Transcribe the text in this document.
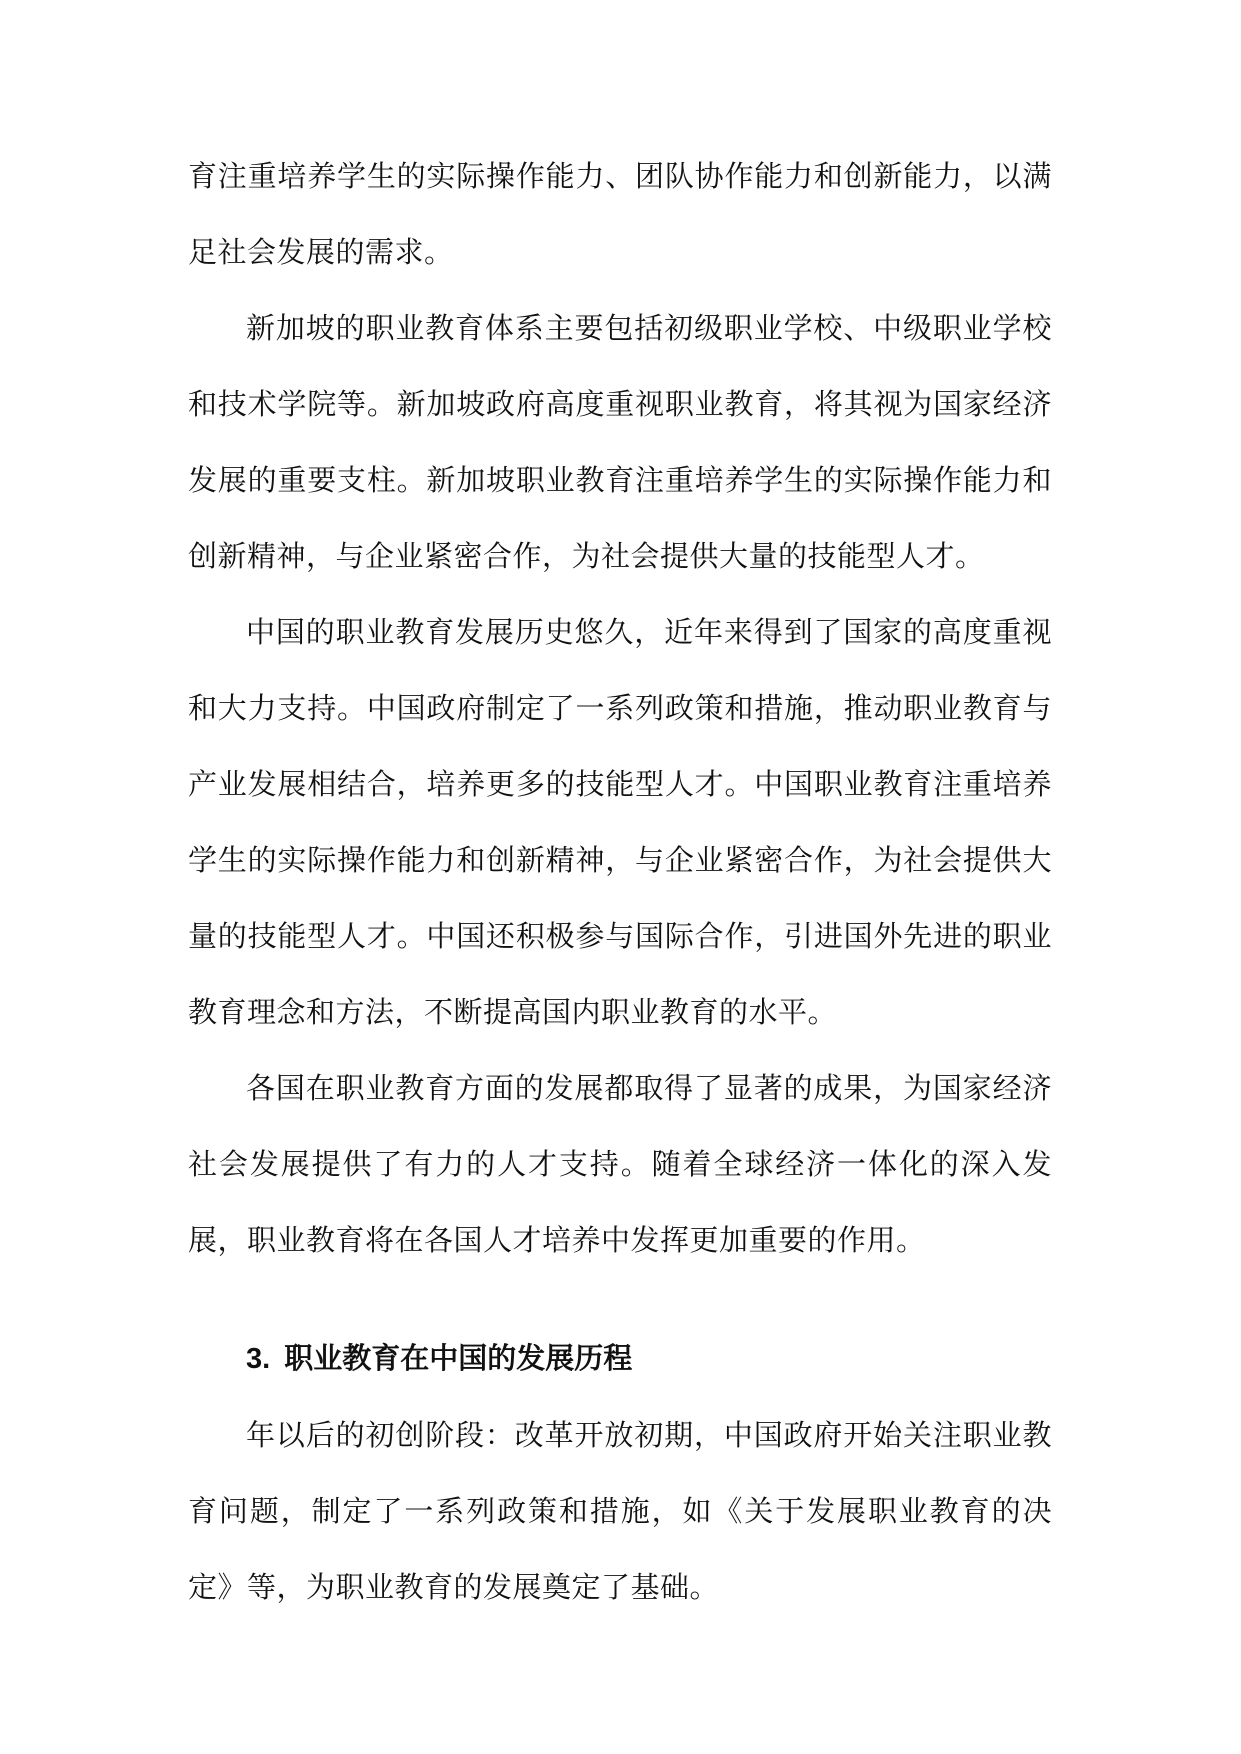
育注重培养学生的实际操作能力、团队协作能力和创新能力，以满足社会发展的需求。

新加坡的职业教育体系主要包括初级职业学校、中级职业学校和技术学院等。新加坡政府高度重视职业教育，将其视为国家经济发展的重要支柱。新加坡职业教育注重培养学生的实际操作能力和创新精神，与企业紧密合作，为社会提供大量的技能型人才。

中国的职业教育发展历史悠久，近年来得到了国家的高度重视和大力支持。中国政府制定了一系列政策和措施，推动职业教育与产业发展相结合，培养更多的技能型人才。中国职业教育注重培养学生的实际操作能力和创新精神，与企业紧密合作，为社会提供大量的技能型人才。中国还积极参与国际合作，引进国外先进的职业教育理念和方法，不断提高国内职业教育的水平。

各国在职业教育方面的发展都取得了显著的成果，为国家经济社会发展提供了有力的人才支持。随着全球经济一体化的深入发展，职业教育将在各国人才培养中发挥更加重要的作用。

3. 职业教育在中国的发展历程

年以后的初创阶段：改革开放初期，中国政府开始关注职业教育问题，制定了一系列政策和措施，如《关于发展职业教育的决定》等，为职业教育的发展奠定了基础。
